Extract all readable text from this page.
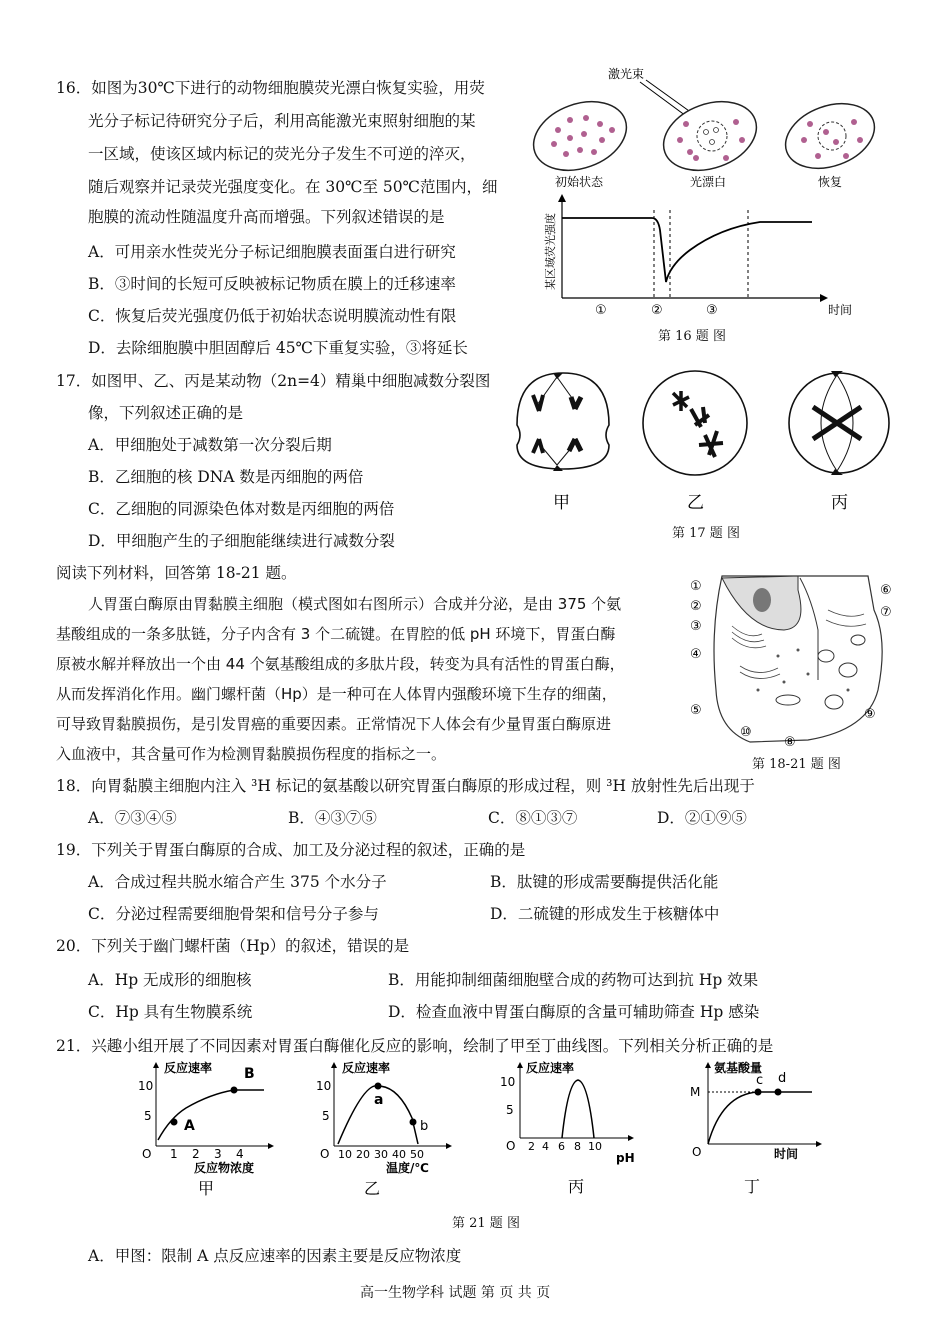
16．如图为30℃下进行的动物细胞膜荧光漂白恢复实验，用荧
光分子标记待研究分子后，利用高能激光束照射细胞的某
一区域，使该区域内标记的荧光分子发生不可逆的淬灭，
随后观察并记录荧光强度变化。在 30℃至 50℃范围内，细
胞膜的流动性随温度升高而增强。下列叙述错误的是
A．可用亲水性荧光分子标记细胞膜表面蛋白进行研究
B．③时间的长短可反映被标记物质在膜上的迁移速率
C．恢复后荧光强度仍低于初始状态说明膜流动性有限
D．去除细胞膜中胆固醇后 45℃下重复实验，③将延长
激光束
初始状态	光漂白	恢复
①	②	③	时间
某区域荧光强度
第 16 题 图
17．如图甲、乙、丙是某动物（2n=4）精巢中细胞减数分裂图
像，下列叙述正确的是
A．甲细胞处于减数第一次分裂后期
B．乙细胞的核 DNA 数是丙细胞的两倍
C．乙细胞的同源染色体对数是丙细胞的两倍
D．甲细胞产生的子细胞能继续进行减数分裂
甲	乙	丙
第 17 题 图
阅读下列材料，回答第 18-21 题。
人胃蛋白酶原由胃黏膜主细胞（模式图如右图所示）合成并分泌，是由 375 个氨
基酸组成的一条多肽链，分子内含有 3 个二硫键。在胃腔的低 pH 环境下，胃蛋白酶
原被水解并释放出一个由 44 个氨基酸组成的多肽片段，转变为具有活性的胃蛋白酶，
从而发挥消化作用。幽门螺杆菌（Hp）是一种可在人体胃内强酸环境下生存的细菌，
可导致胃黏膜损伤，是引发胃癌的重要因素。正常情况下人体会有少量胃蛋白酶原进
入血液中，其含量可作为检测胃黏膜损伤程度的指标之一。
①
②
③
④
⑤
⑥
⑦
⑧
⑨
⑩
第 18-21 题 图
18．向胃黏膜主细胞内注入 ³H 标记的氨基酸以研究胃蛋白酶原的形成过程，则 ³H 放射性先后出现于
A．⑦③④⑤	B．④③⑦⑤	C．⑧①③⑦	D．②①⑨⑤
19．下列关于胃蛋白酶原的合成、加工及分泌过程的叙述，正确的是
A．合成过程共脱水缩合产生 375 个水分子	B．肽键的形成需要酶提供活化能
C．分泌过程需要细胞骨架和信号分子参与	D．二硫键的形成发生于核糖体中
20．下列关于幽门螺杆菌（Hp）的叙述，错误的是
A．Hp 无成形的细胞核	B．用能抑制细菌细胞壁合成的药物可达到抗 Hp 效果
C．Hp 具有生物膜系统	D．检查血液中胃蛋白酶原的含量可辅助筛查 Hp 感染
21．兴趣小组开展了不同因素对胃蛋白酶催化反应的影响，绘制了甲至丁曲线图。下列相关分析正确的是
反应速率
10
5
O 1 2 3 4
A
B
反应物浓度
甲
反应速率
10
5
O 10 20 30 40 50
a
b
温度/℃
乙
反应速率
10
5
O 2 4 6 8 10
pH
丙
氨基酸量
M
O
c d
时间
丁
第 21 题 图
A．甲图：限制 A 点反应速率的因素主要是反应物浓度
高一生物学科 试题 第 页 共 页
